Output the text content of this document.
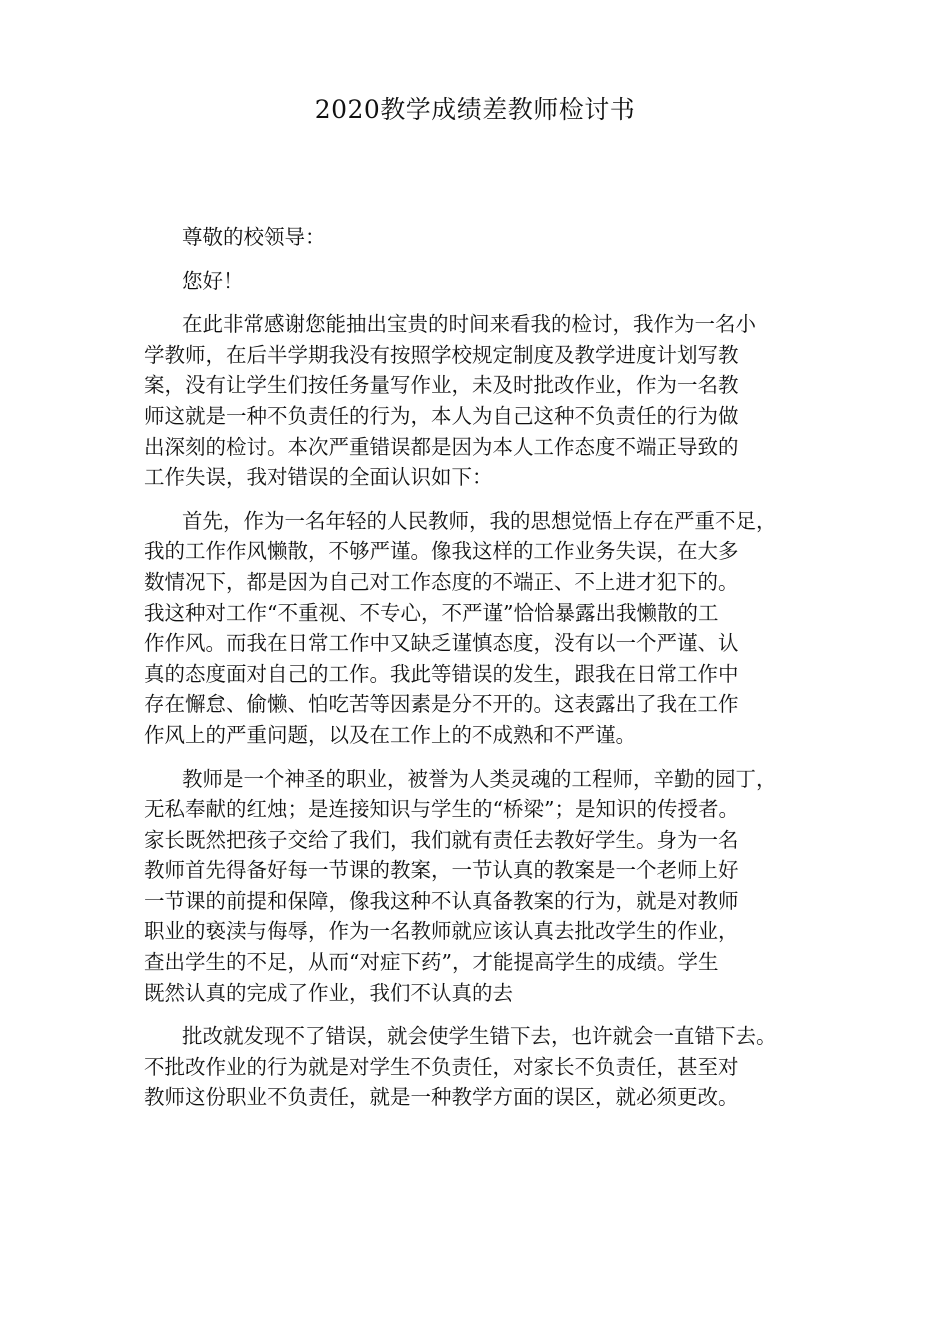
2020教学成绩差教师检讨书

尊敬的校领导：

您好！

在此非常感谢您能抽出宝贵的时间来看我的检讨，我作为一名小
学教师，在后半学期我没有按照学校规定制度及教学进度计划写教
案，没有让学生们按任务量写作业，未及时批改作业，作为一名教
师这就是一种不负责任的行为，本人为自己这种不负责任的行为做
出深刻的检讨。本次严重错误都是因为本人工作态度不端正导致的
工作失误，我对错误的全面认识如下：

首先，作为一名年轻的人民教师，我的思想觉悟上存在严重不足，
我的工作作风懒散，不够严谨。像我这样的工作业务失误，在大多
数情况下，都是因为自己对工作态度的不端正、不上进才犯下的。
我这种对工作“不重视、不专心，不严谨”恰恰暴露出我懒散的工
作作风。而我在日常工作中又缺乏谨慎态度，没有以一个严谨、认
真的态度面对自己的工作。我此等错误的发生，跟我在日常工作中
存在懈怠、偷懒、怕吃苦等因素是分不开的。这表露出了我在工作
作风上的严重问题，以及在工作上的不成熟和不严谨。

教师是一个神圣的职业，被誉为人类灵魂的工程师，辛勤的园丁，
无私奉献的红烛；是连接知识与学生的“桥梁”；是知识的传授者。
家长既然把孩子交给了我们，我们就有责任去教好学生。身为一名
教师首先得备好每一节课的教案，一节认真的教案是一个老师上好
一节课的前提和保障，像我这种不认真备教案的行为，就是对教师
职业的亵渎与侮辱，作为一名教师就应该认真去批改学生的作业，
查出学生的不足，从而“对症下药”，才能提高学生的成绩。学生
既然认真的完成了作业，我们不认真的去

批改就发现不了错误，就会使学生错下去，也许就会一直错下去。
不批改作业的行为就是对学生不负责任，对家长不负责任，甚至对
教师这份职业不负责任，就是一种教学方面的误区，就必须更改。
